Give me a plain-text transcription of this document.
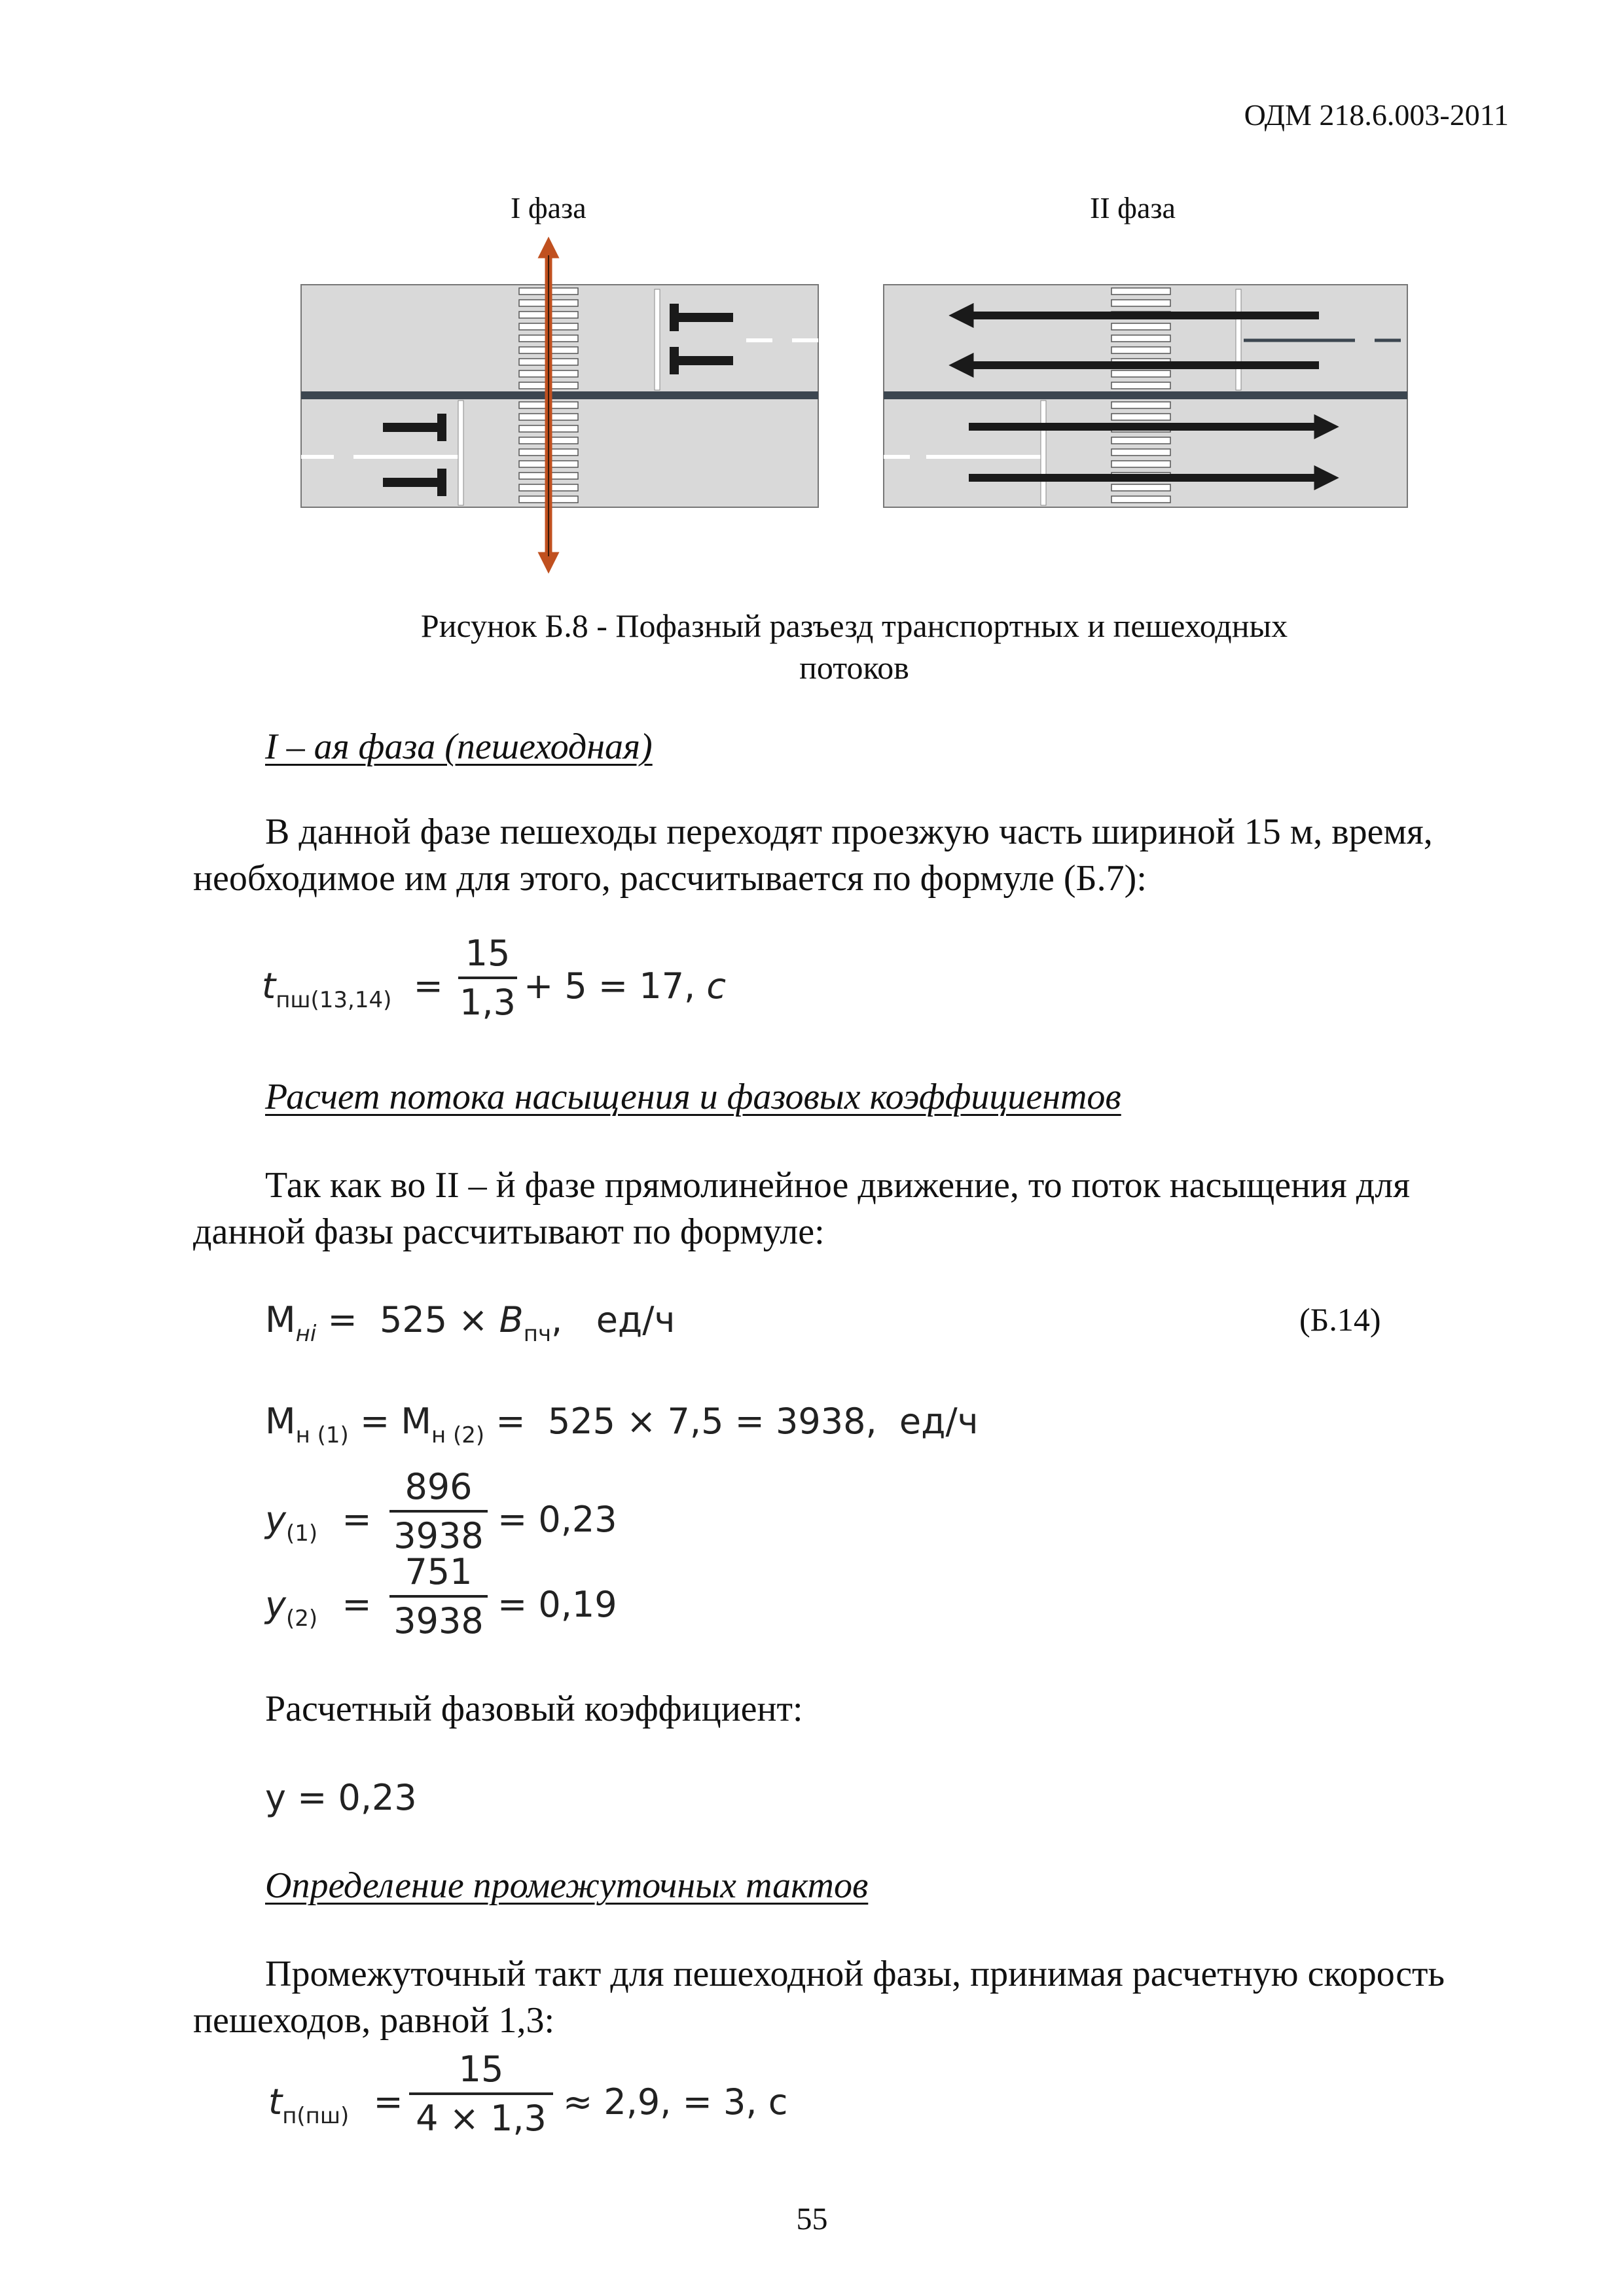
ОДМ 218.6.003-2011
I фаза	II фаза
Рисунок Б.8 - Пофазный разъезд транспортных и пешеходных
потоков
I – ая фаза (пешеходная)
В данной фазе пешеходы переходят проезжую часть шириной 15 м, время,
необходимое им для этого, рассчитывается по формуле (Б.7):
$t_{пш(13,14)}$ =
15
1,3 + 5 = 17, с
Расчет потока насыщения и фазовых коэффициентов
Так как во II – й фазе прямолинейное движение, то поток насыщения для
данной фазы рассчитывают по формуле:
$М_{нi} = 525 \times В_{пч}$,   ед/ч	(Б.14)
$М_{н (1)} = М_{н (2)} = 525 \times 7,5 = 3938$,  ед/ч
$у_{(1)}$ =
896
3938 = 0,23
$у_{(2)}$ =
751
3938 = 0,19
Расчетный фазовый коэффициент:
у = 0,23
Определение промежуточных тактов
Промежуточный такт для пешеходной фазы, принимая расчетную скорость
пешеходов, равной 1,3:
$t_{п(пш)}$ =
15
4 × 1,3 ≈ 2,9, = 3, с
55
